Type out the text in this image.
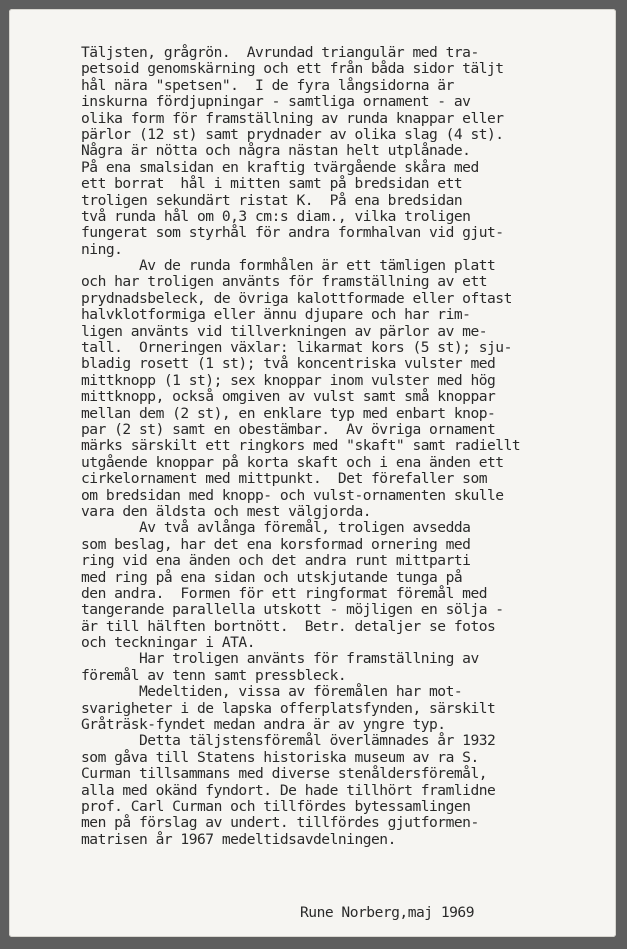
Täljsten, grågrön.  Avrundad triangulär med tra-
petsoid genomskärning och ett från båda sidor täljt
hål nära "spetsen".  I de fyra långsidorna är
inskurna fördjupningar - samtliga ornament - av
olika form för framställning av runda knappar eller
pärlor (12 st) samt prydnader av olika slag (4 st).
Några är nötta och några nästan helt utplånade.
På ena smalsidan en kraftig tvärgående skåra med
ett borrat  hål i mitten samt på bredsidan ett
troligen sekundärt ristat K.  På ena bredsidan
två runda hål om 0,3 cm:s diam., vilka troligen
fungerat som styrhål för andra formhalvan vid gjut-
ning.
Av de runda formhålen är ett tämligen platt
och har troligen använts för framställning av ett
prydnadsbeleck, de övriga kalottformade eller oftast
halvklotformiga eller ännu djupare och har rim-
ligen använts vid tillverkningen av pärlor av me-
tall.  Orneringen växlar: likarmat kors (5 st); sju-
bladig rosett (1 st); två koncentriska vulster med
mittknopp (1 st); sex knoppar inom vulster med hög
mittknopp, också omgiven av vulst samt små knoppar
mellan dem (2 st), en enklare typ med enbart knop-
par (2 st) samt en obestämbar.  Av övriga ornament
märks särskilt ett ringkors med "skaft" samt radiellt
utgående knoppar på korta skaft och i ena änden ett
cirkelornament med mittpunkt.  Det förefaller som
om bredsidan med knopp- och vulst-ornamenten skulle
vara den äldsta och mest välgjorda.
Av två avlånga föremål, troligen avsedda
som beslag, har det ena korsformad ornering med
ring vid ena änden och det andra runt mittparti
med ring på ena sidan och utskjutande tunga på
den andra.  Formen för ett ringformat föremål med
tangerande parallella utskott - möjligen en sölja -
är till hälften bortnött.  Betr. detaljer se fotos
och teckningar i ATA.
Har troligen använts för framställning av
föremål av tenn samt pressbleck.
Medeltiden, vissa av föremålen har mot-
svarigheter i de lapska offerplatsfynden, särskilt
Gråträsk-fyndet medan andra är av yngre typ.
Detta täljstensföremål överlämnades år 1932
som gåva till Statens historiska museum av ra S.
Curman tillsammans med diverse stenåldersföremål,
alla med okänd fyndort. De hade tillhört framlidne
prof. Carl Curman och tillfördes bytessamlingen
men på förslag av undert. tillfördes gjutformen-
matrisen år 1967 medeltidsavdelningen.
Rune Norberg,maj 1969
